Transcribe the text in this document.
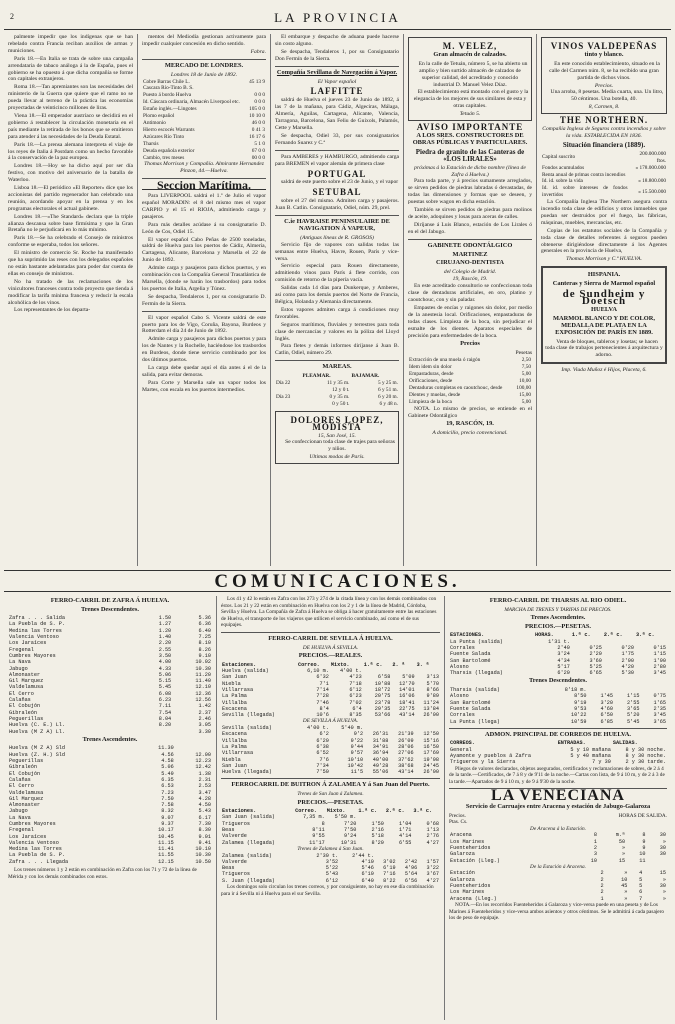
2	LA PROVINCIA

palmente impedir que los indígenas que se han rebelado contra Francia reciban auxilios de armas y municiones.

Paris 18.—En Italia se trata de sobre una campaña arrendataria de tabaco análoga á la de España, pues el gobierno se ha opuesto á que dicha compañía se forme con capitales extranjeros.

Roma 18.—Tan apremiantes son las necesidades del ministerio de la Guerra que quiere que el ramo no se pueda llevar al terreno de la práctica las economías proyectadas de veinticinco millones de liras.

Viena 18.—El emperador austríaco se decidirá en el gobierno á restablecer la circulación monetaria en el país mediante la retirada de los bonos que se emitieron para atender á las necesidades de la Deuda Estatal.

Paris 18.—La prensa alemana interpreta el viaje de los reyes de Italia á Postdam como un hecho favorable á la conservación de la paz europea.

Londres 18.—Hoy se ha dicho aquí por ser día festivo, con motivo del aniversario de la batalla de Waterloo.

Lisboa 18.—El periódico «El Reporter» dice que los accionistas del partido regenerador han celebrado una reunión, acordando apoyar en la prensa y en los programas electorales el actual gabinete.

Londres 18.—«The Standard» declara que la triple alianza descansa sobre base firmísima y que la Gran Bretaña no le perjudicará en lo más mínimo.

Paris 18.—Se ha celebrado el Consejo de ministros conforme se esperaba, todos los señores.

El ministro de comercio Sr. Roche ha manifestado que ha suprimido las reses con los delegados españoles no están bastante adelantadas para poder dar cuenta de ellas en consejo de ministros.

No ha tratado de las reclamaciones de los vinicultores franceses contra todo proyecto que tienda á modificar la tarifa mínima francesa y reducir la escala alcohólica de los vinos.

Los representantes de los departa-

mentos del Mediodía gestionan activamente para impedir cualquier concesión en dicho sentido.

Fabra.

MERCADO DE LONDRES.
Londres 18 de Junio de 1892.
Cobre Barras Chile L.	45 13 9
Cascara Río-Tinto B. S.	
Puesto á bordo Huelva	0 0 0
Id. Cáscara ordinaria, Almacén Liverpool etc.	0 0 0
Estaño inglés.—Lingotes	105 0 0
Plomo español	10 10 0
Antimonio	46 0 0
Hierro escocés Warrants	0 41 3
Azúcares Río Tinto	16 17 6
Tharsis	5 1 0
Deuda española exterior	67 0 0
Cambio, tres meses	00 0 0

Thomas Morrison y Compañía. Almirante Hernandez Pinzon, 44.—Huelva.

Seccion Marítima.

Para LIVERPOOL saldrá el 1.º de Julio el vapor español MORADIN: el 8 del mismo mes el vapor CARPIO y el 15 el RIOJA, admitiendo carga y pasajeros.

Para más detalles acúdase á su consignatario D. León de Cos, Odiel 15.

El vapor español Cabo Peñas de 2500 toneladas, saldrá de Huelva para los puertos de Cádiz, Almería, Cartagena, Alicante, Barcelona y Marsella el 22 de Junio de 1892.

Admite carga y pasajeros para dichos puertos, y en combinación con la Compañía General Trasatlántica de Marsella, (donde se harán los trasbordos) para todos los puertos de Italia, Argelia y Túnez.

Se despacha, Tendaleros 1, por su consignatario D. Fermín de la Sierra.

El vapor español Cabo S. Vicente saldrá de este puerto para los de Vigo, Coruña, Bayona, Burdeos y Rotterdam el día 24 de Junio de 1892.

Admite carga y pasajeros para dichos puertos y para los de Nantes y la Rochelle, haciéndose los trasbordos en Burdeos, donde tiene servicio combinado por los dos últimos puertos.

La carga debe quedar aquí el día antes á el de la salida, para evitar demoras.

Para Corte y Marsella sale un vapor todos los Martes, con escala en los puertos intermedios.

El embarque y despacho de aduana puede hacerse sin costo alguno.

Se despacha, Tendaleros 1, por su Consignatario Don Fermín de la Sierra.

Compañía Sevillana de Navegación á Vapor.
El Vapor español
LAFFITTE

saldrá de Huelva el jueves 23 de Junio de 1892, á las 7 de la mañana, para Cádiz, Algeciras, Málaga, Almería, Aguilas, Cartagena, Alicante, Valencia, Tarragona, Barcelona, San Feliu de Guixols, Palamós, Cette y Marsella.

Se despacha, Odiel 33, por sus consignatarios Fernando Suarez y C.ª

Para AMBERES y HAMBURGO, admitiendo carga para BREMEN el vapor alemán de primera clase

PORTUGAL

saldrá de este puerto sobre el 23 de Junio, y el vapor

SETUBAL

sobre el 27 del mismo. Admiten carga y pasajeros. Juan B. Catlin. Consignatario, Odiel, núm. 29, prel.

C.ie HAVRAISE PENINSULAIRE DE NAVIGATION Á VAPEUR,
(Antiguas líneas de R. GROSOS)

Servicio fijo de vapores con salidas todas las semanas entre Huelva, Havre, Rouen, París y vice-versa.

Servicio especial para Rouen directamente, admitiendo vinos para París á flete corrido, con comisión de retorno de la pipería vacía.

Salidas cada 14 días para Dunkerque, y Amberes, así como para los demás puertos del Norte de Francia, Bélgica, Holanda y Alemania directamente.

Estos vapores admiten carga á condiciones muy favorables.

Seguros marítimos, fluviales y terrestres para toda clase de mercancías y valores en la póliza del Lloyd Inglés.

Para fletes y demás informes diríjanse á Juan B. Catlin, Odiel, número 29.

MAREAS.
	PLEAMAR.	BAJAMAR.
Día 22	11 y 35 m.	5 y 25 m.
	12 y 0 t.	6 y 51 m.
Día 23	0 y 35 m.	6 y 20 m.
	0 y 50 t.	6 y 48 n.
DOLORES LOPEZ, MODISTA
15, San José, 15.

Se confeccionan toda clase de trajes para señoras y niños.

Ultimas modas de París.
M. VELEZ,
Gran almacén de calzados.

En la calle de Tetuán, número 5, se ha abierto un amplio y bien surtido almacén de calzados de superior calidad, del acreditado y conocido industrial D. Manuel Velez Díaz.

El establecimiento está montado con el gusto y la elegancia de los mejores de sus similares de esta y otras capitales.

Tetuán 5.
AVISO IMPORTANTE
A LOS SRES. CONSTRUCTORES DE OBRAS PÚBLICAS Y PARTICULARES.
Piedra de granito de las Canteras de «LOS LIRALES»
próximas á la Estación de dicho nombre (línea de Zafra á Huelva.)

Para toda parte, y á precios sumamente arreglados, se sirven pedidos de piedras labradas ó devastadas, de todas las dimensiones y formas que se deseen, y puestas sobre wagon en dicha estación.

También se sirven pedidos de piedras para molinos de aceite, adoquines y losas para aceras de calles.

Diríjanse á Luis Blanco, estación de Los Lirales ó en el del Jabugo.

GABINETE ODONTÁLGICO
MARTINEZ
CIRUJANO-DENTISTA
del Colegio de Madrid.
19, Rascón, 19.

En este acreditado consultorio se confeccionan toda clase de dentaduras artificiales, en oro, platino y caoutchouc, con y sin paladar.

Empastes de encías y raigones sin dolor, por medio de la anestesia local. Orificaciones, empastaduras de todas clases. Limpieza de la boca, sin perjudicar el esmalte de los dientes. Aparatos especiales de precisión para enfermedades de la boca.

Precios
Pesetas
Extracción de una muela ó raigón	2,50
Idem idem sin dolor	7,50
Empastaduras, desde	5,00
Orificaciones, desde	10,00
Dentaduras completas en caoutchouc, desde	100,00
Dientes y muelas, desde	15,00
Limpieza de la boca	5,00

NOTA. Lo mismo de precios, se entiende en el Gabinete Odontálgico

19, RASCÓN, 19.
A domicilio, precio convencional.
VINOS VALDEPEÑAS
tinto y blanco.

En este conocido establecimiento, situado en la calle del Carmen núm. 8, se ha recibido una gran partida de dichos vinos.

Precios.

Una arroba, 8 pesetas. Media cuarta, una. Un litro, 50 céntimos. Una botella, 40.

8, Carmen, 8.
THE NORTHERN.
Compañía Inglesa de Seguros contra incendios y sobre la vida. ESTABLECIDA EN 1836.
Situación financiera (1889).
Capital suscrito	200.000.000 ftos.
Fondos acumulados	» 178.000.000
Renta anual de primas contra incendios	
Id. id. sobre la vida	» 18.800.000
Id. id. sobre intereses de fondos invertidos	» 15.500.000

La Compañía Inglesa The Northern asegura contra incendio toda clase de edificios y otros inmuebles que puedan ser destruidos por el fuego, las fábricas, máquinas, muebles, mercancías, etc.

Copias de los estatutos sociales de la Compañía y toda clase de detalles referentes á seguros pueden obtenerse dirigiéndose directamente á los Agentes generales en la provincia de Huelva,

Thomas Morrison y C.ª HUELVA.
HISPANIA.
Canteras y Sierra de Marmol español
de Sundheim y Doetsch
HUELVA
MARMOL BLANCO Y DE COLOR, MEDALLA DE PLATA EN LA EXPOSICIÓN DE PARÍS EN 1889.

Venta de bloques, tableros y losetas; se hacen toda clase de trabajos pertenecientes á arquitectura y adorno.

Imp. Viuda Muñoz é Hijos, Placeta, 6.
COMUNICACIONES.
FERRO-CARRIL DE ZAFRA Á HUELVA.
Trenes Descendentes.
Zafra . . . Salida	1.50	5.36
La Puebla de S. P.	1.27	6.36
Medina las Torres	1.20	6.40
Valencia Ventoso	1.40	7.25
Los Jaraíces	2.20	8.10
Fregenal	2.55	8.26
Cumbres Mayores	3.50	9.10
La Nava	4.00	10.02
Jabugo	4.33	10.30
Almonaster	5.06	11.20
Gil Marquez	5.15	11.40
Valdelamusa	5.45	12.10
El Cerro	6.08	12.36
Calañas	6.23	12.56
El Cobujón	7.11	1.42
Gibraleón	7.54	2.37
Peguerillas	8.04	2.46
Huelva (C. E.) Ll.	8.20	3.05
Huelva (M Z A) Ll.		3.30
Trenes Ascendentes.
Huelva (M Z A) Sld	11.30	
Huelva (Z. H.) Sld	4.56	12.00
Peguerillas	4.58	12.23
Gibraleón	5.06	12.42
El Cobujón	5.49	1.38
Calañas	6.35	2.31
El Cerro	6.53	2.53
Valdelamusa	7.23	3.47
Gil Marquez	7.50	4.28
Almonaster	7.58	4.50
Jabugo	8.32	5.43
La Nava	9.07	6.17
Cumbres Mayores	9.37	7.30
Fregenal	10.17	8.30
Los Jaraíces	10.45	9.01
Valencia Ventoso	11.15	9.41
Medina las Torres	11.41	10.10
La Puebla de S. P.	11.55	10.30
Zafra . . . Llegada	12.15	10.50

Los trenes números 1 y 2 están en combinación en Zafra con los 71 y 72 de la línea de Mérida y con los demás combinados con estos.

Los 41 y 42 lo están en Zafra con los 273 y 274 de la citada línea y con los demás combinados con éstos. Los 21 y 22 están en combinación en Huelva con los 2 y 1 de la línea de Madrid, Córdoba, Sevilla y Huelva. La Compañía de Zafra á Huelva se obliga á hacer gratuitamente entre las estaciones de Huelva, el transporte de los viajeros que utilicen el servicio combinado, así como el de sus equipajes.

FERRO-CARRIL DE SEVILLA Á HUELVA.
DE HUELVA Á SEVILLA.
PRECIOS.—REALES.
Estaciones.	Correo.	Mixto.	1.ª c.	2. ª	3. ª
Huelva (salida)	6,10 m.	4'00 t.			
San Juan	6'32	4'23	6'58	5'09	3'13
Niebla	7'1	7'18	10'88	12'70	5'70
Villarrasa	7'14	6'12	18'72	14'01	8'66
La Palma	7'28	6'23	20'75	16'06	9'89
Villalba	7'46	7'02	23'78	18'41	11'24
Escacena	8'4	6'4	29'35	22'75	13'84
Sevilla (llegada)	10'6	8'35	53'66	43'14	26'00
DE SEVILLA Á HUELVA.
Sevilla (salida)	4'00 t.	5'40 m.			
Escacena	6'2	9'2	26'31	21'39	12'50
Villalba	6'20	9'22	31'88	26'09	15'16
La Palma	6'38	9'44	34'91	28'06	16'50
Villarrasa	6'52	9'57	36'94	27'06	17'69
Niebla	7'6	10'10	40'00	37'62	19'98
San Juan	7'34	10'42	49'28	38'68	24'45
Huelva (llegada)	7'50	11'5	55'06	43'14	26'00
FERROCARRIL DE BUITRON Á ZALAMEA Y á San Juan del Puerto.
Trenes de San Juan á Zalamea.
PRECIOS.—PESETAS.
Estaciones.	Correo.	Mixto.	1.ª c.	2.ª c.	3.ª c.
San Juan (salida)	7,35 m.	5'50 m.			
Trigueros	8	7'20	1'50	1'04	0'68
Beas	8'11	7'50	2'16	1'71	1'13
Valverde	9'55	9'24	5'18	4'14	2'76
Zalamea (llegada)	11'17	10'31	8'20	6'55	4'27
Trenes de Zalamea á San Juan.
Zalamea (salida)	2'30 t.	2'44 t.			
Valverde	3'52	4'10	3'02	2'42	1'57
Beas	5'22	5'46	6'19	4'96	3'22
Trigueros	5'43	6'10	7'16	5'64	3'67
S. Juan (llegada)	6'12	6'40	8'22	6'56	4'27

Los domingos solo circulan los trenes correos, y por consiguiente, no hay en ese día combinación para ir á Sevilla ni á Huelva para el sur Sevilla.

FERRO-CARRIL DE THARSIS AL RIO ODIEL.
MARCHA DE TRENES Y TARIFAS DE PRECIOS.
Trenes Ascendentes.
PRECIOS.—PESETAS.
ESTACIONES.	HORAS.	1.ª c.	2.ª c.	3.ª c.
La Punta (salida)	1'31 t.			
Corrales	2'40	0'25	0'20	0'15
Fuente Salada	3'24	2'20	1'75	1'15
San Bartolomé	4'34	3'60	2'90	1'90
Alosno	5'17	5'25	4'20	2'80
Tharsis (llegada)	6'20	6'65	5'30	3'45
Trenes Descendentes.
Tharsis (salida)	8'18 m.			
Alosno	8'50	1'45	1'15	0'75
San Bartolomé	9'19	3'20	2'55	1'65
Fuente Salada	9'53	4'60	3'65	2'35
Corrales	10'22	6'50	5'20	3'45
La Punta (llega)	10'59	6'85	5'45	3'65
ADMON. PRINCIPAL DE CORREOS DE HUELVA.
CORREOS.	ENTRADAS.	SALIDAS.
General	5 y 10 mañana	8 y 30 noche.
Ayamonte y pueblos á Zafra	5 y 40 mañana	8 y 30 noche.
Trigueros y la Sierra	7 y 30	2 y 30 tarde.

Pliegos de valores declarados, objetos asegurados, certificados y reclamaciones de sobres, de 2 á 4 de la tarde.—Certificados, de 7 á 8 y de 9'11 de la noche.—Cartas con lista, de 9 á 10 m, y de 2 á 3 de la tarde.—Apartados de 9 á 10 m, y de 9 á 9'30 de la noche.

LA VENECIANA
Servicio de Carruajes entre Aracena y estación de Jabugo-Galaroza
Precios.	HORAS DE SALIDA.
Ptas. Cs.
De Aracena á la Estación.
Aracena	8	m.ª	8	30
Los Marines	1	50	9	»
Fuenteheridos	2	»	9	30
Galaroza	3	»	10	30
Estación (Lleg.)	10	15	11	
De la Estación á Aracena.
Estación	2	»	4	15
Galaroza	2	10	5	»
Fuenteheridos	2	45	5	30
Los Marines	2	»	6	»
Aracena (Lleg.)	1	»	7	»

NOTA.—En los recorridos Fuenteheridos á Galaroza y vice-versa puede en una peseta y de Los Marines á Fuenteheridos y vice-versa ambos asientos y otros céntimos. Se le admitirá á cada pasajero los de peso de equipaje.
